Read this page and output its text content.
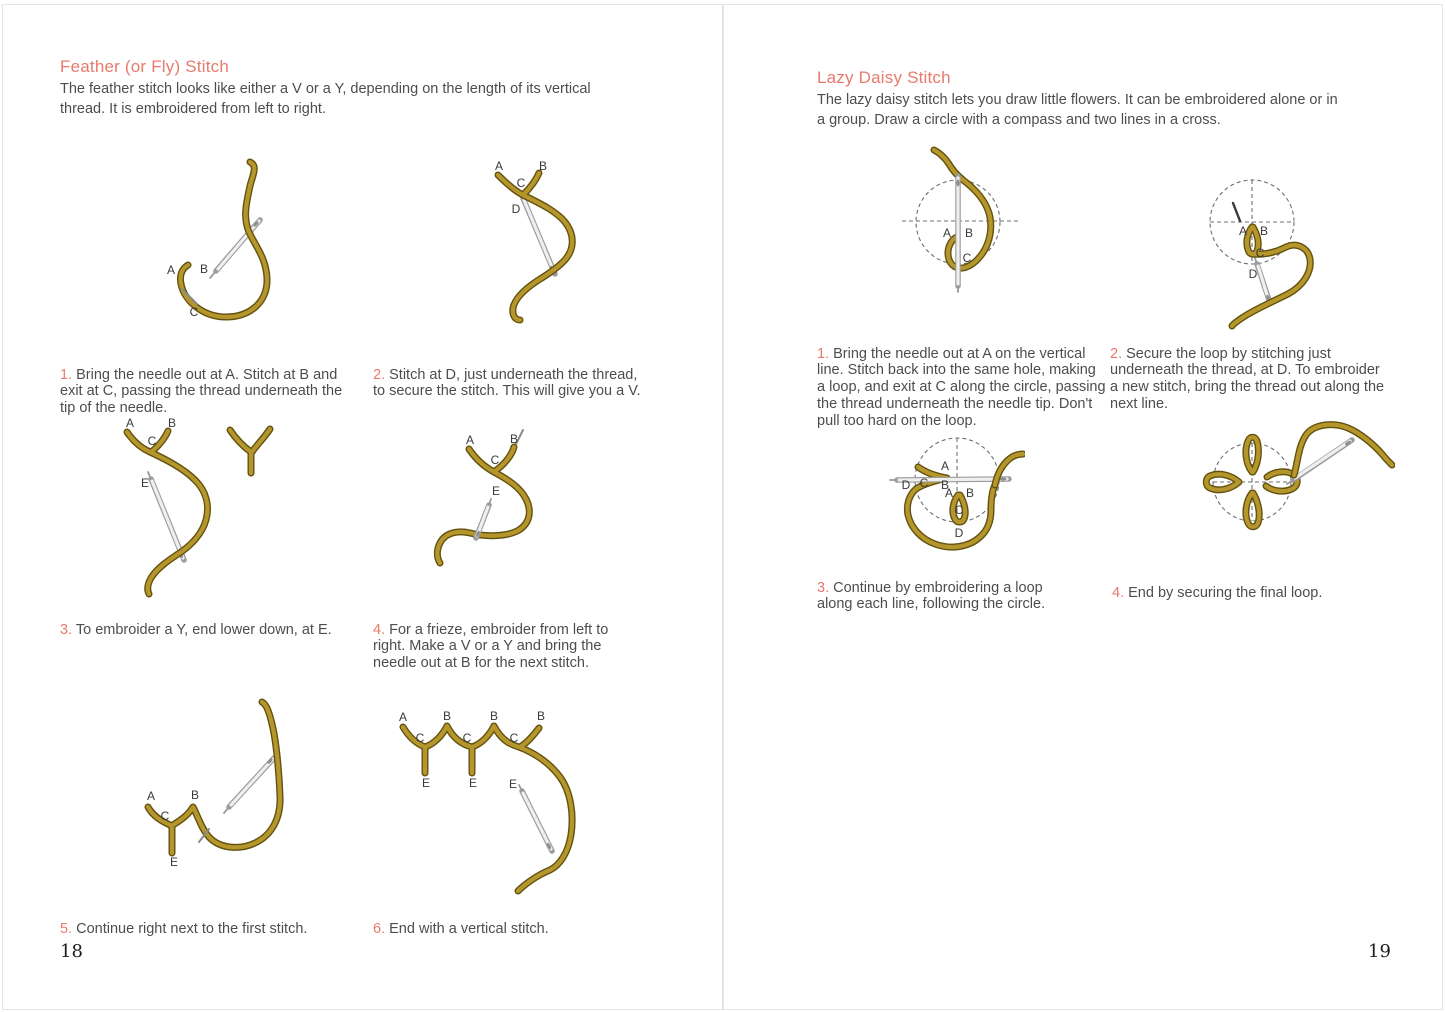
Feather (or Fly) Stitch
The feather stitch looks like either a V or a Y, depending on the length of its vertical
thread. It is embroidered from left to right.
A B
C
A	B
C
D

1. Bring the needle out at A. Stitch at B and
exit at C, passing the thread underneath the
tip of the needle.

2. Stitch at D, just underneath the thread,
to secure the stitch. This will give you a V.

A	B
C
E
A	B
C
E

3. To embroider a Y, end lower down, at E.	4. For a frieze, embroider from left to
right. Make a V or a Y and bring the
needle out at B for the next stitch.

A	B
C
E
A	B	B	B
C	C	C
E	E	E

5. Continue right next to the first stitch.	6. End with a vertical stitch.

18
Lazy Daisy Stitch
The lazy daisy stitch lets you draw little flowers. It can be embroidered alone or in
a group. Draw a circle with a compass and two lines in a cross.
A B
C
A B
C
D

1. Bring the needle out at A on the vertical
line. Stitch back into the same hole, making
a loop, and exit at C along the circle, passing
the thread underneath the needle tip. Don't
pull too hard on the loop.

2. Secure the loop by stitching just
underneath the thread, at D. To embroider
a new stitch, bring the thread out along the
next line.

D C B
A
A B
C
D

3. Continue by embroidering a loop
along each line, following the circle.

4. End by securing the final loop.

19
